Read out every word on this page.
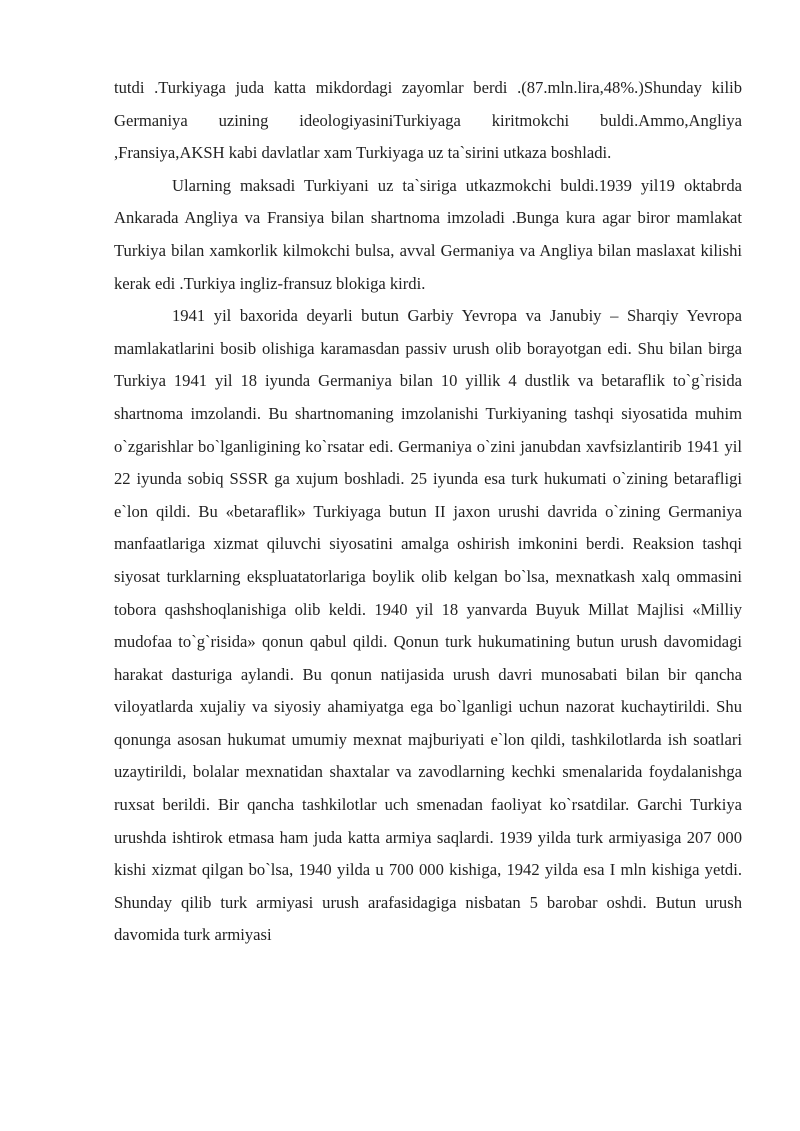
tutdi .Turkiyaga juda katta mikdordagi zayomlar berdi .(87.mln.lira,48%.)Shunday kilib Germaniya uzining ideologiyasiniTurkiyaga kiritmokchi buldi.Ammo,Angliya ,Fransiya,AKSH kabi davlatlar xam Turkiyaga uz ta`sirini utkaza boshladi.

Ularning maksadi Turkiyani uz ta`siriga utkazmokchi buldi.1939 yil19 oktabrda Ankarada Angliya va Fransiya bilan shartnoma imzoladi .Bunga kura agar biror mamlakat Turkiya bilan xamkorlik kilmokchi bulsa, avval Germaniya va Angliya bilan maslaxat kilishi kerak edi .Turkiya ingliz-fransuz blokiga kirdi.

1941 yil baxorida deyarli butun Garbiy Yevropa va Janubiy – Sharqiy Yevropa mamlakatlarini bosib olishiga karamasdan passiv urush olib borayotgan edi. Shu bilan birga Turkiya 1941 yil 18 iyunda Germaniya bilan 10 yillik 4 dustlik va betaraflik to`g`risida shartnoma imzolandi. Bu shartnomaning imzolanishi Turkiyaning tashqi siyosatida muhim o`zgarishlar bo`lganligining ko`rsatar edi. Germaniya o`zini janubdan xavfsizlantirib 1941 yil 22 iyunda sobiq SSSR ga xujum boshladi. 25 iyunda esa turk hukumati o`zining betarafligi e`lon qildi. Bu «betaraflik» Turkiyaga butun II jaxon urushi davrida o`zining Germaniya manfaatlariga xizmat qiluvchi siyosatini amalga oshirish imkonini berdi. Reaksion tashqi siyosat turklarning ekspluatatorlariga boylik olib kelgan bo`lsa, mexnatkash xalq ommasini tobora qashshoqlanishiga olib keldi. 1940 yil 18 yanvarda Buyuk Millat Majlisi «Milliy mudofaa to`g`risida» qonun qabul qildi. Qonun turk hukumatining butun urush davomidagi harakat dasturiga aylandi. Bu qonun natijasida urush davri munosabati bilan bir qancha viloyatlarda xujaliy va siyosiy ahamiyatga ega bo`lganligi uchun nazorat kuchaytirildi. Shu qonunga asosan hukumat umumiy mexnat majburiyati e`lon qildi, tashkilotlarda ish soatlari uzaytirildi, bolalar mexnatidan shaxtalar va zavodlarning kechki smenalarida foydalanishga ruxsat berildi. Bir qancha tashkilotlar uch smenadan faoliyat ko`rsatdilar. Garchi Turkiya urushda ishtirok etmasa ham juda katta armiya saqlardi. 1939 yilda turk armiyasiga 207 000 kishi xizmat qilgan bo`lsa, 1940 yilda u 700 000 kishiga, 1942 yilda esa I mln kishiga yetdi. Shunday qilib turk armiyasi urush arafasidagiga nisbatan 5 barobar oshdi. Butun urush davomida turk armiyasi
